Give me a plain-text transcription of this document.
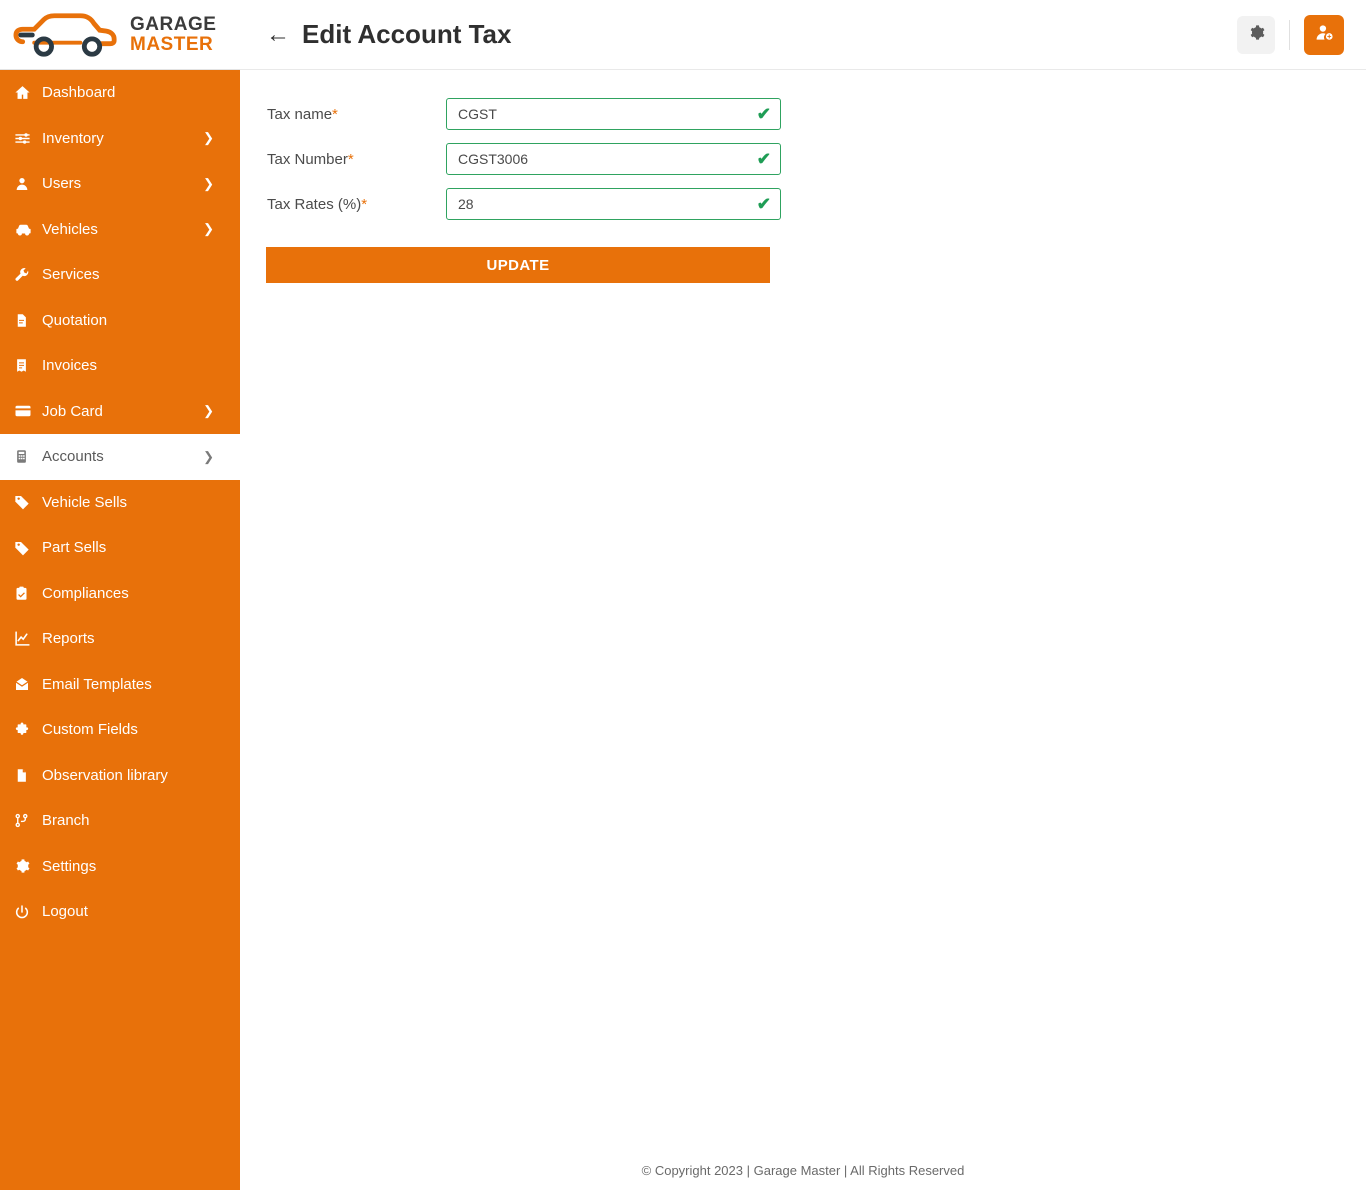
GARAGE
MASTER
Dashboard
Inventory	❯
Users	❯
Vehicles	❯
Services
Quotation
Invoices
Job Card	❯
Accounts	❯
Vehicle Sells
Part Sells
Compliances
Reports
Email Templates
Custom Fields
Observation library
Branch
Settings
Logout
← Edit Account Tax
Tax name*
CGST	✔
Tax Number*
CGST3006	✔
Tax Rates (%)*
28	✔
UPDATE
© Copyright 2023 | Garage Master | All Rights Reserved
